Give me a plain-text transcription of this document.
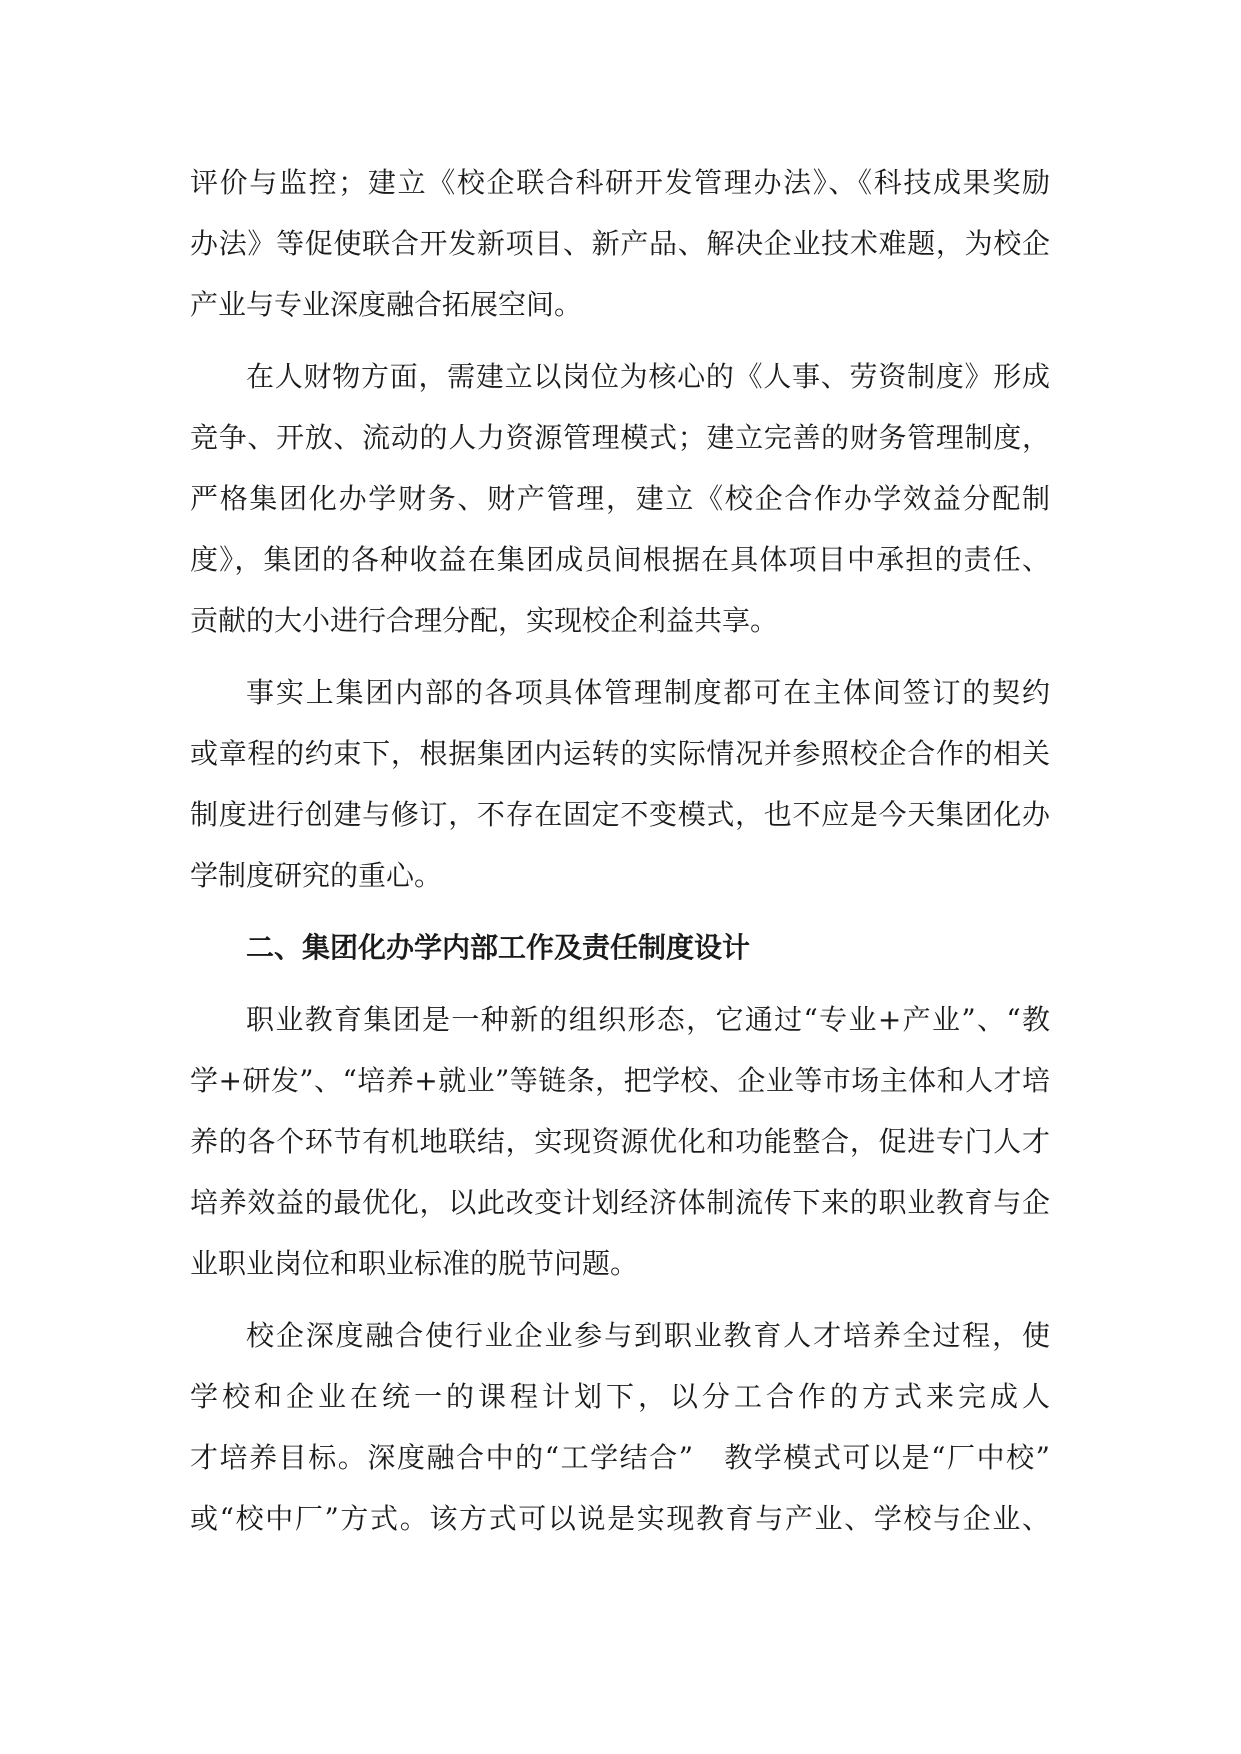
评价与监控；建立《校企联合科研开发管理办法》、《科技成果奖励
办法》等促使联合开发新项目、新产品、解决企业技术难题，为校企
产业与专业深度融合拓展空间。
在人财物方面，需建立以岗位为核心的《人事、劳资制度》形成
竞争、开放、流动的人力资源管理模式；建立完善的财务管理制度，
严格集团化办学财务、财产管理，建立《校企合作办学效益分配制
度》，集团的各种收益在集团成员间根据在具体项目中承担的责任、
贡献的大小进行合理分配，实现校企利益共享。
事实上集团内部的各项具体管理制度都可在主体间签订的契约
或章程的约束下，根据集团内运转的实际情况并参照校企合作的相关
制度进行创建与修订，不存在固定不变模式，也不应是今天集团化办
学制度研究的重心。
二、集团化办学内部工作及责任制度设计
职业教育集团是一种新的组织形态，它通过“专业+产业”、“教
学+研发”、“培养+就业”等链条，把学校、企业等市场主体和人才培
养的各个环节有机地联结，实现资源优化和功能整合，促进专门人才
培养效益的最优化，以此改变计划经济体制流传下来的职业教育与企
业职业岗位和职业标准的脱节问题。
校企深度融合使行业企业参与到职业教育人才培养全过程，使
学校和企业在统一的课程计划下，以分工合作的方式来完成人
才培养目标。深度融合中的“工学结合”　教学模式可以是“厂中校”
或“校中厂”方式。该方式可以说是实现教育与产业、学校与企业、
